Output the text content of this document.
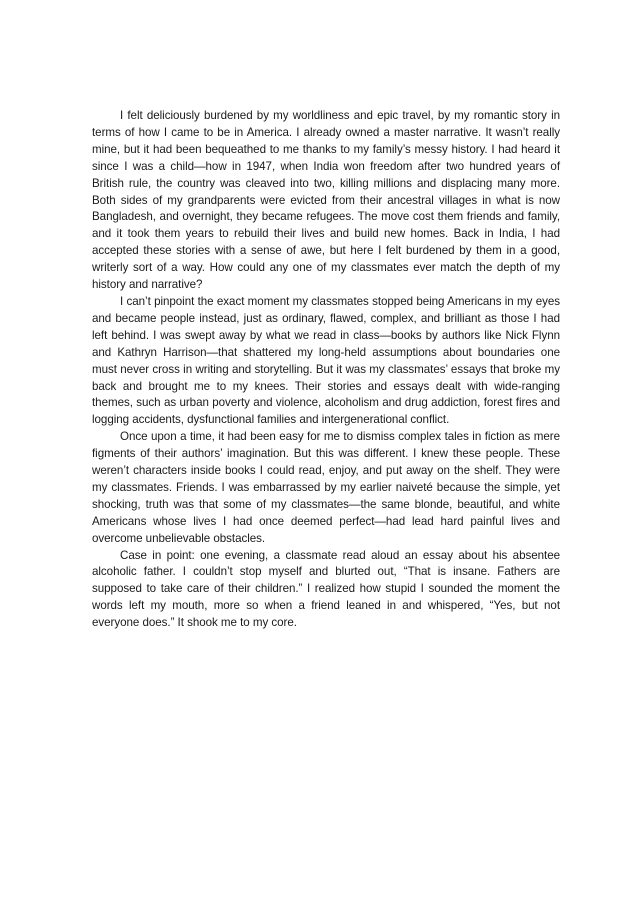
I felt deliciously burdened by my worldliness and epic travel, by my romantic story in terms of how I came to be in America. I already owned a master narrative. It wasn’t really mine, but it had been bequeathed to me thanks to my family’s messy history. I had heard it since I was a child—how in 1947, when India won freedom after two hundred years of British rule, the country was cleaved into two, killing millions and displacing many more. Both sides of my grandparents were evicted from their ancestral villages in what is now Bangladesh, and overnight, they became refugees. The move cost them friends and family, and it took them years to rebuild their lives and build new homes. Back in India, I had accepted these stories with a sense of awe, but here I felt burdened by them in a good, writerly sort of a way. How could any one of my classmates ever match the depth of my history and narrative?

I can’t pinpoint the exact moment my classmates stopped being Americans in my eyes and became people instead, just as ordinary, flawed, complex, and brilliant as those I had left behind. I was swept away by what we read in class—books by authors like Nick Flynn and Kathryn Harrison—that shattered my long-held assumptions about boundaries one must never cross in writing and storytelling. But it was my classmates’ essays that broke my back and brought me to my knees. Their stories and essays dealt with wide-ranging themes, such as urban poverty and violence, alcoholism and drug addiction, forest fires and logging accidents, dysfunctional families and intergenerational conflict.

Once upon a time, it had been easy for me to dismiss complex tales in fiction as mere figments of their authors’ imagination. But this was different. I knew these people. These weren’t characters inside books I could read, enjoy, and put away on the shelf. They were my classmates. Friends. I was embarrassed by my earlier naiveté because the simple, yet shocking, truth was that some of my classmates—the same blonde, beautiful, and white Americans whose lives I had once deemed perfect—had lead hard painful lives and overcome unbelievable obstacles.

Case in point: one evening, a classmate read aloud an essay about his absentee alcoholic father. I couldn’t stop myself and blurted out, “That is insane. Fathers are supposed to take care of their children.” I realized how stupid I sounded the moment the words left my mouth, more so when a friend leaned in and whispered, “Yes, but not everyone does.” It shook me to my core.
